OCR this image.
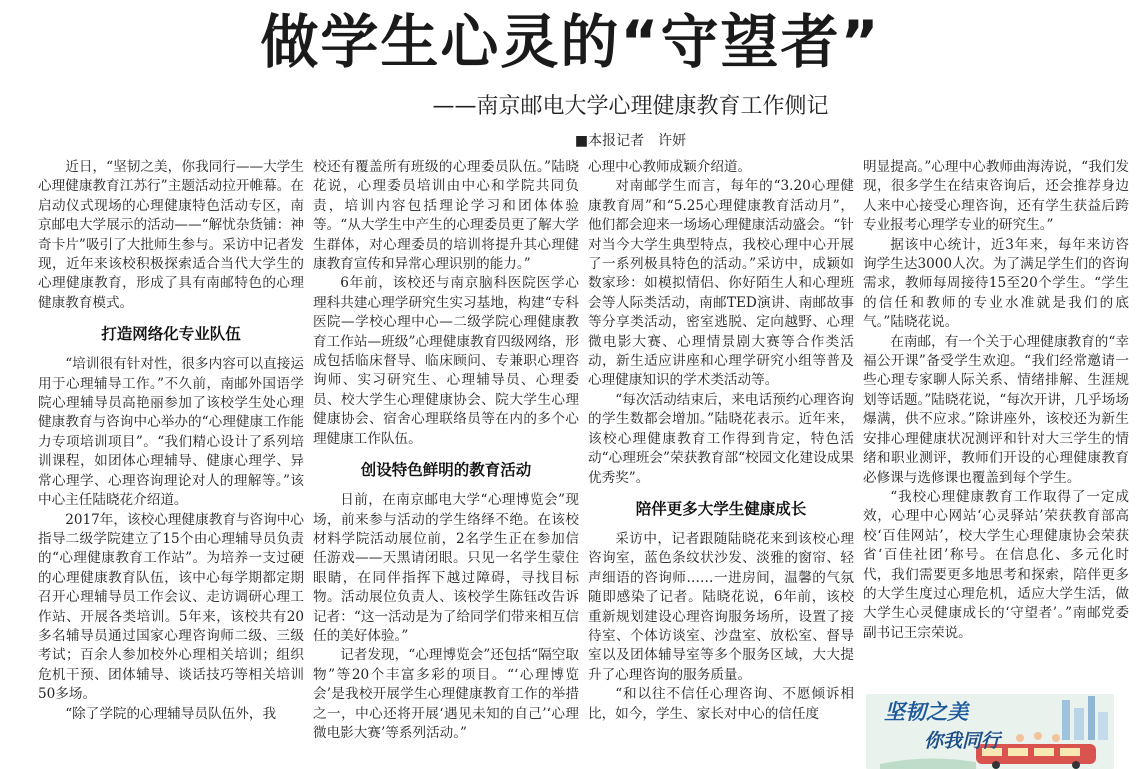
做学生心灵的“守望者”
——南京邮电大学心理健康教育工作侧记
■本报记者　许妍

近日，“坚韧之美，你我同行——大学生心理健康教育江苏行”主题活动拉开帷幕。在启动仪式现场的心理健康特色活动专区，南京邮电大学展示的活动——“解忧杂货铺：神奇卡片”吸引了大批师生参与。采访中记者发现，近年来该校积极探索适合当代大学生的心理健康教育，形成了具有南邮特色的心理健康教育模式。

打造网络化专业队伍

“培训很有针对性，很多内容可以直接运用于心理辅导工作。”不久前，南邮外国语学院心理辅导员高艳丽参加了该校学生处心理健康教育与咨询中心举办的“心理健康工作能力专项培训项目”。“我们精心设计了系列培训课程，如团体心理辅导、健康心理学、异常心理学、心理咨询理论对人的理解等。”该中心主任陆晓花介绍道。

2017年，该校心理健康教育与咨询中心指导二级学院建立了15个由心理辅导员负责的“心理健康教育工作站”。为培养一支过硬的心理健康教育队伍，该中心每学期都定期召开心理辅导员工作会议、走访调研心理工作站、开展各类培训。5年来，该校共有20多名辅导员通过国家心理咨询师二级、三级考试；百余人参加校外心理相关培训；组织危机干预、团体辅导、谈话技巧等相关培训50多场。

“除了学院的心理辅导员队伍外，我

校还有覆盖所有班级的心理委员队伍。”陆晓花说，心理委员培训由中心和学院共同负责，培训内容包括理论学习和团体体验等。“从大学生中产生的心理委员更了解大学生群体，对心理委员的培训将提升其心理健康教育宣传和异常心理识别的能力。”

6年前，该校还与南京脑科医院医学心理科共建心理学研究生实习基地，构建“专科医院—学校心理中心—二级学院心理健康教育工作站—班级”心理健康教育四级网络，形成包括临床督导、临床顾问、专兼职心理咨询师、实习研究生、心理辅导员、心理委员、校大学生心理健康协会、院大学生心理健康协会、宿舍心理联络员等在内的多个心理健康工作队伍。

创设特色鲜明的教育活动

日前，在南京邮电大学“心理博览会”现场，前来参与活动的学生络绎不绝。在该校材料学院活动展位前，2名学生正在参加信任游戏——天黑请闭眼。只见一名学生蒙住眼睛，在同伴指挥下越过障碍，寻找目标物。活动展位负责人、该校学生陈钰改告诉记者：“这一活动是为了给同学们带来相互信任的美好体验。”

记者发现，“心理博览会”还包括“隔空取物”等20个丰富多彩的项目。“‘心理博览会’是我校开展学生心理健康教育工作的举措之一，中心还将开展‘遇见未知的自己’‘心理微电影大赛’等系列活动。”

心理中心教师成颖介绍道。

对南邮学生而言，每年的“3.20心理健康教育周”和“5.25心理健康教育活动月”，他们都会迎来一场场心理健康活动盛会。“针对当今大学生典型特点，我校心理中心开展了一系列极具特色的活动。”采访中，成颖如数家珍：如模拟情侣、你好陌生人和心理班会等人际类活动，南邮TED演讲、南邮故事等分享类活动，密室逃脱、定向越野、心理微电影大赛、心理情景剧大赛等合作类活动，新生适应讲座和心理学研究小组等普及心理健康知识的学术类活动等。

“每次活动结束后，来电话预约心理咨询的学生数都会增加。”陆晓花表示。近年来，该校心理健康教育工作得到肯定，特色活动“心理班会”荣获教育部“校园文化建设成果优秀奖”。

陪伴更多大学生健康成长

采访中，记者跟随陆晓花来到该校心理咨询室，蓝色条纹状沙发、淡雅的窗帘、轻声细语的咨询师……一进房间，温馨的气氛随即感染了记者。陆晓花说，6年前，该校重新规划建设心理咨询服务场所，设置了接待室、个体访谈室、沙盘室、放松室、督导室以及团体辅导室等多个服务区域，大大提升了心理咨询的服务质量。

“和以往不信任心理咨询、不愿倾诉相比，如今，学生、家长对中心的信任度

明显提高。”心理中心教师曲海涛说，“我们发现，很多学生在结束咨询后，还会推荐身边人来中心接受心理咨询，还有学生获益后跨专业报考心理学专业的研究生。”

据该中心统计，近3年来，每年来访咨询学生达3000人次。为了满足学生们的咨询需求，教师每周接待15至20个学生。“学生的信任和教师的专业水准就是我们的底气。”陆晓花说。

在南邮，有一个关于心理健康教育的“幸福公开课”备受学生欢迎。“我们经常邀请一些心理专家聊人际关系、情绪排解、生涯规划等话题。”陆晓花说，“每次开讲，几乎场场爆满，供不应求。”除讲座外，该校还为新生安排心理健康状况测评和针对大三学生的情绪和职业测评，教师们开设的心理健康教育必修课与选修课也覆盖到每个学生。

“我校心理健康教育工作取得了一定成效，心理中心网站‘心灵驿站’荣获教育部高校‘百佳网站’，校大学生心理健康协会荣获省‘百佳社团’称号。在信息化、多元化时代，我们需要更多地思考和探索，陪伴更多的大学生度过心理危机，适应大学生活，做大学生心灵健康成长的‘守望者’。”南邮党委副书记王宗荣说。

坚韧之美
你我同行
